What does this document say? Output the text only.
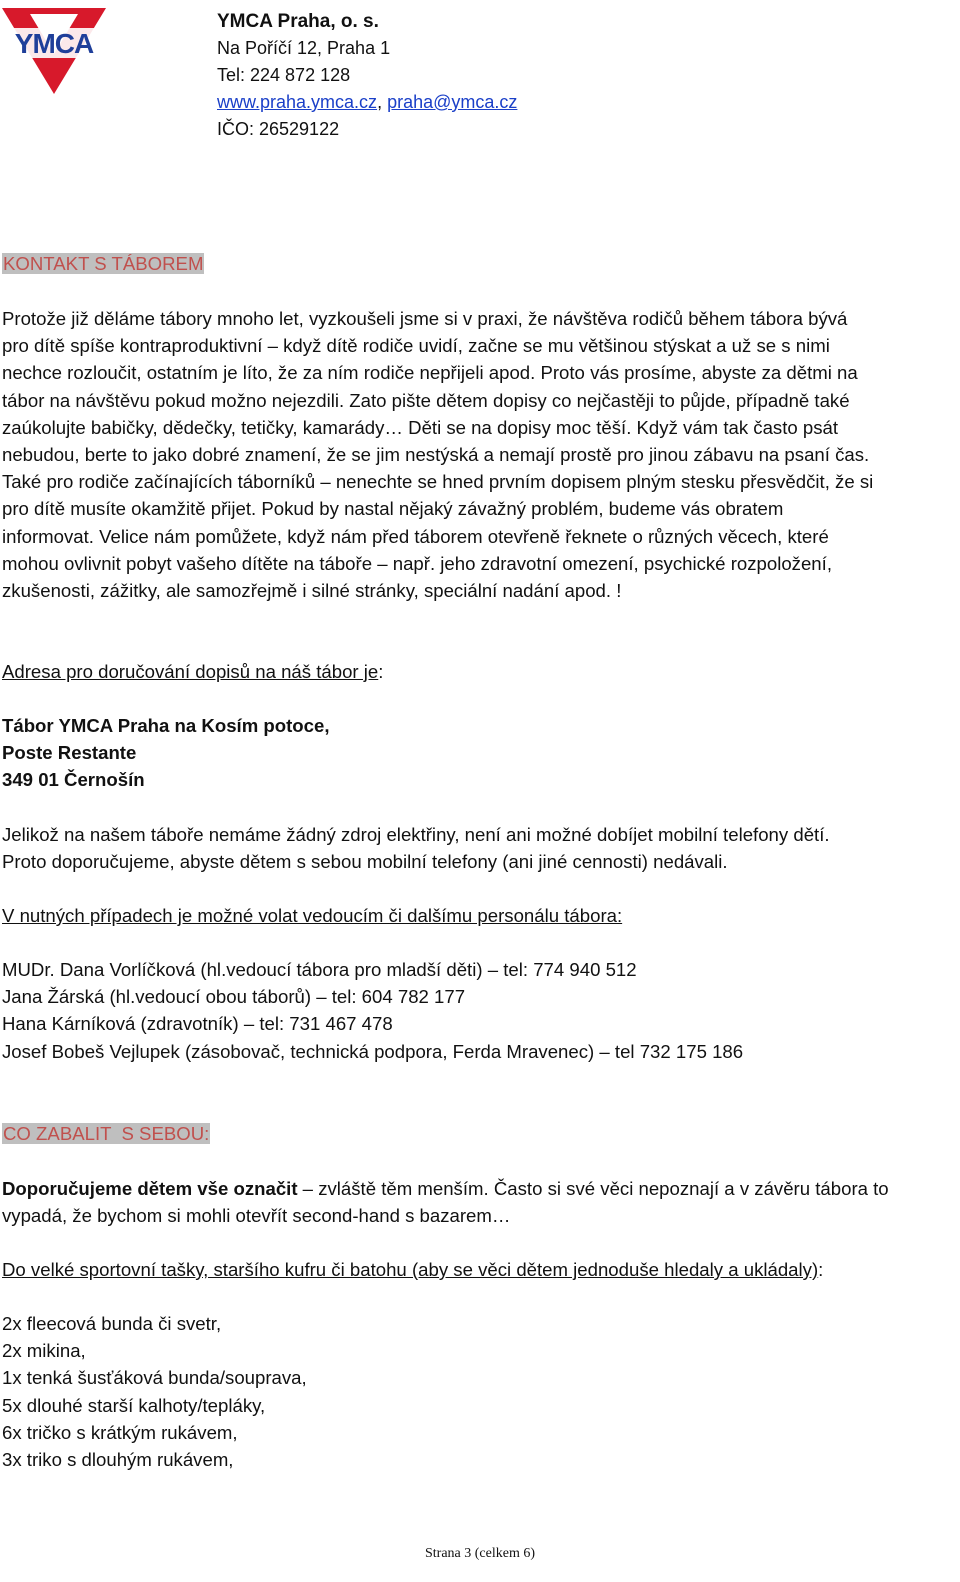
YMCA
YMCA Praha, o. s.
Na Poříčí 12, Praha 1
Tel: 224 872 128
www.praha.ymca.cz, praha@ymca.cz
IČO: 26529122
KONTAKT S TÁBOREM
Protože již děláme tábory mnoho let, vyzkoušeli jsme si v praxi, že návštěva rodičů během tábora bývá
pro dítě spíše kontraproduktivní – když dítě rodiče uvidí, začne se mu většinou stýskat a už se s nimi
nechce rozloučit, ostatním je líto, že za ním rodiče nepřijeli apod. Proto vás prosíme, abyste za dětmi na
tábor na návštěvu pokud možno nejezdili. Zato pište dětem dopisy co nejčastěji to půjde, případně také
zaúkolujte babičky, dědečky, tetičky, kamarády… Děti se na dopisy moc těší. Když vám tak často psát
nebudou, berte to jako dobré znamení, že se jim nestýská a nemají prostě pro jinou zábavu na psaní čas.
Také pro rodiče začínajících táborníků – nenechte se hned prvním dopisem plným stesku přesvědčit, že si
pro dítě musíte okamžitě přijet. Pokud by nastal nějaký závažný problém, budeme vás obratem
informovat. Velice nám pomůžete, když nám před táborem otevřeně řeknete o různých věcech, které
mohou ovlivnit pobyt vašeho dítěte na táboře – např. jeho zdravotní omezení, psychické rozpoložení,
zkušenosti, zážitky, ale samozřejmě i silné stránky, speciální nadání apod. !
Adresa pro doručování dopisů na náš tábor je:
Tábor YMCA Praha na Kosím potoce,
Poste Restante
349 01 Černošín
Jelikož na našem táboře nemáme žádný zdroj elektřiny, není ani možné dobíjet mobilní telefony dětí.
Proto doporučujeme, abyste dětem s sebou mobilní telefony (ani jiné cennosti) nedávali.
V nutných případech je možné volat vedoucím či dalšímu personálu tábora:
MUDr. Dana Vorlíčková (hl.vedoucí tábora pro mladší děti) – tel: 774 940 512
Jana Žárská (hl.vedoucí obou táborů) – tel: 604 782 177
Hana Kárníková (zdravotník) – tel: 731 467 478
Josef Bobeš Vejlupek (zásobovač, technická podpora, Ferda Mravenec) – tel 732 175 186
CO ZABALIT  S SEBOU:
Doporučujeme dětem vše označit – zvláště těm menším. Často si své věci nepoznají a v závěru tábora to
vypadá, že bychom si mohli otevřít second-hand s bazarem…
Do velké sportovní tašky, staršího kufru či batohu (aby se věci dětem jednoduše hledaly a ukládaly):
2x fleecová bunda či svetr,
2x mikina,
1x tenká šusťáková bunda/souprava,
5x dlouhé starší kalhoty/tepláky,
6x tričko s krátkým rukávem,
3x triko s dlouhým rukávem,
Strana 3 (celkem 6)
